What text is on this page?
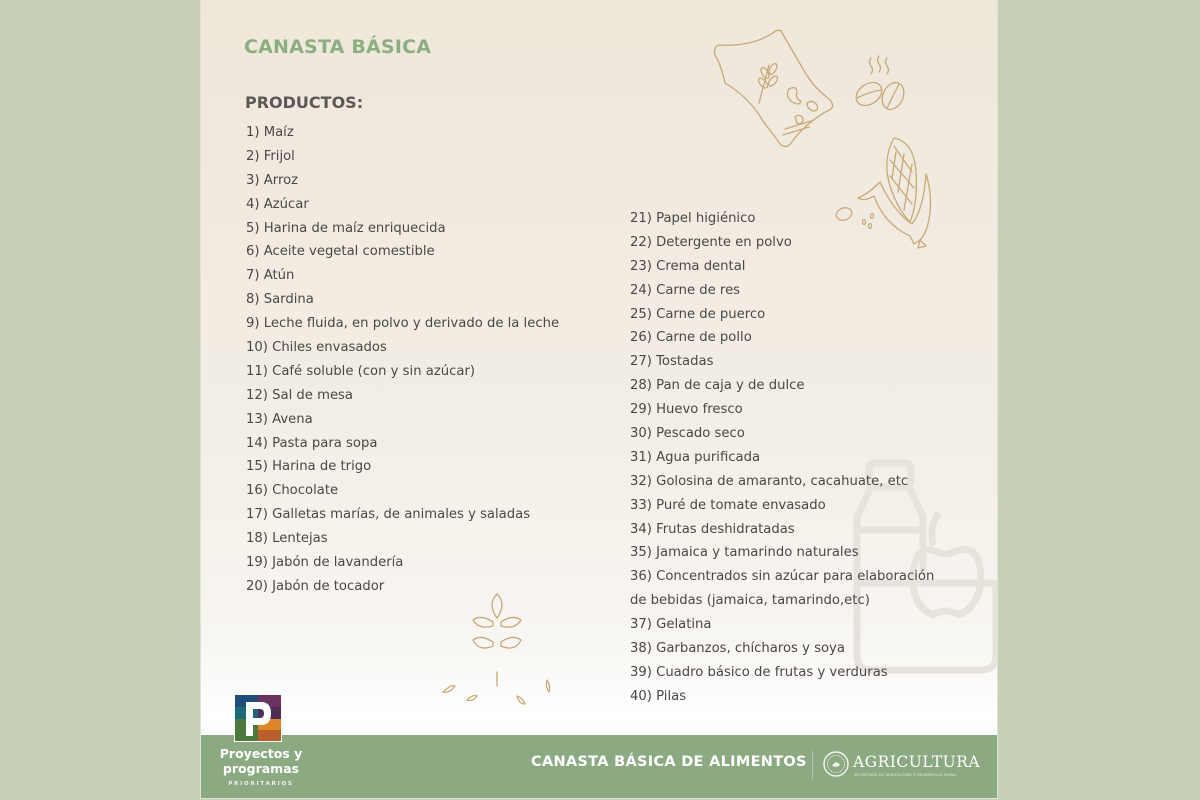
CANASTA BÁSICA
PRODUCTOS:
1) Maíz
2) Frijol
3) Arroz
4) Azúcar
5) Harina de maíz enriquecida
6) Aceite vegetal comestible
7) Atún
8) Sardina
9) Leche fluida, en polvo y derivado de la leche
10) Chiles envasados
11) Café soluble (con y sin azúcar)
12) Sal de mesa
13) Avena
14) Pasta para sopa
15) Harina de trigo
16) Chocolate
17) Galletas marías, de animales y saladas
18) Lentejas
19) Jabón de lavandería
20) Jabón de tocador
21) Papel higiénico
22) Detergente en polvo
23) Crema dental
24) Carne de res
25) Carne de puerco
26) Carne de pollo
27) Tostadas
28) Pan de caja y de dulce
29) Huevo fresco
30) Pescado seco
31) Agua purificada
32) Golosina de amaranto, cacahuate, etc
33) Puré de tomate envasado
34) Frutas deshidratadas
35) Jamaica y tamarindo naturales
36) Concentrados sin azúcar para elaboración
de bebidas (jamaica, tamarindo,etc)
37) Gelatina
38) Garbanzos, chícharos y soya
39) Cuadro básico de frutas y verduras
40) Pilas
CANASTA BÁSICA DE ALIMENTOS	AGRICULTURA
SECRETARÍA DE AGRICULTURA Y DESARROLLO RURAL
Proyectos y programas
PRIORITARIOS
